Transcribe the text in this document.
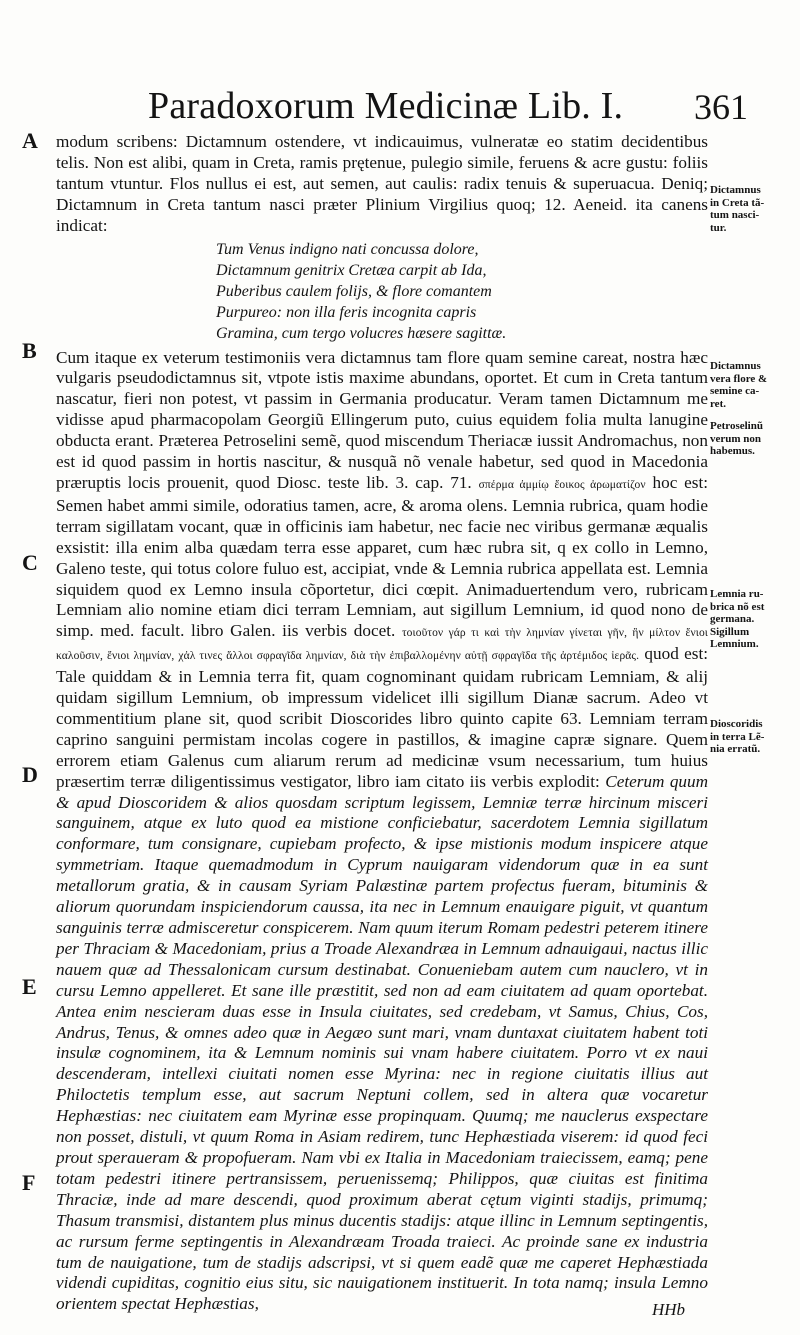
Paradoxorum Medicinæ Lib. I. 361
A
B
C
D
E
F

modum scribens: Dictamnum ostendere, vt indicauimus, vulneratæ eo statim decidentibus telis. Non est alibi, quam in Creta, ramis prętenue, pulegio simile, feruens & acre gustu: foliis tantum vtuntur. Flos nullus ei est, aut semen, aut caulis: radix tenuis & superuacua. Deniq; Dictamnum in Creta tantum nasci præter Plinium Virgilius quoq; 12. Aeneid. ita canens indicat:

Tum Venus indigno nati concussa dolore,
Dictamnum genitrix Cretæa carpit ab Ida,
Puberibus caulem folijs, & flore comantem
Purpureo: non illa feris incognita capris
Gramina, cum tergo volucres hæsere sagittæ.

Cum itaque ex veterum testimoniis vera dictamnus tam flore quam semine careat, nostra hæc vulgaris pseudodictamnus sit, vtpote istis maxime abundans, oportet. Et cum in Creta tantum nascatur, fieri non potest, vt passim in Germania producatur. Veram tamen Dictamnum me vidisse apud pharmacopolam Georgiũ Ellingerum puto, cuius equidem folia multa lanugine obducta erant. Præterea Petroselini semẽ, quod miscendum Theriacæ iussit Andromachus, non est id quod passim in hortis nascitur, & nusquã nõ venale habetur, sed quod in Macedonia præruptis locis prouenit, quod Diosc. teste lib. 3. cap. 71. σπέρμα ἀμμίῳ ἔοικος ἀρωματίζον hoc est: Semen habet ammi simile, odoratius tamen, acre, & aroma olens. Lemnia rubrica, quam hodie terram sigillatam vocant, quæ in officinis iam habetur, nec facie nec viribus germanæ æqualis exsistit: illa enim alba quædam terra esse apparet, cum hæc rubra sit, q ex collo in Lemno, Galeno teste, qui totus colore fuluo est, accipiat, vnde & Lemnia rubrica appellata est. Lemnia siquidem quod ex Lemno insula cõportetur, dici cœpit. Animaduertendum vero, rubricam Lemniam alio nomine etiam dici terram Lemniam, aut sigillum Lemnium, id quod nono de simp. med. facult. libro Galen. iis verbis docet. τοιοῦτον γάρ τι καὶ τὴν λημνίαν γίνεται γῆν, ἣν μίλτον ἔνιοι καλοῦσιν, ἔνιοι λημνίαν, χἀλ τινες ἄλλοι σφραγῖδα λημνίαν, διὰ τὴν ἐπιβαλλομένην αὐτῇ σφραγῖδα τῆς ἀρτέμιδος ἱερᾶς. quod est: Tale quiddam & in Lemnia terra fit, quam cognominant quidam rubricam Lemniam, & alij quidam sigillum Lemnium, ob impressum videlicet illi sigillum Dianæ sacrum. Adeo vt commentitium plane sit, quod scribit Dioscorides libro quinto capite 63. Lemniam terram caprino sanguini permistam incolas cogere in pastillos, & imagine capræ signare. Quem errorem etiam Galenus cum aliarum rerum ad medicinæ vsum necessarium, tum huius præsertim terræ diligentissimus vestigator, libro iam citato iis verbis explodit: Ceterum quum & apud Dioscoridem & alios quosdam scriptum legissem, Lemniæ terræ hircinum misceri sanguinem, atque ex luto quod ea mistione conficiebatur, sacerdotem Lemnia sigillatum conformare, tum consignare, cupiebam profecto, & ipse mistionis modum inspicere atque symmetriam. Itaque quemadmodum in Cyprum nauigaram videndorum quæ in ea sunt metallorum gratia, & in causam Syriam Palæstinæ partem profectus fueram, bituminis & aliorum quorundam inspiciendorum caussa, ita nec in Lemnum enauigare piguit, vt quantum sanguinis terræ admisceretur conspicerem. Nam quum iterum Romam pedestri peterem itinere per Thraciam & Macedoniam, prius a Troade Alexandræa in Lemnum adnauigaui, nactus illic nauem quæ ad Thessalonicam cursum destinabat. Conueniebam autem cum nauclero, vt in cursu Lemno appelleret. Et sane ille præstitit, sed non ad eam ciuitatem ad quam oportebat. Antea enim nescieram duas esse in Insula ciuitates, sed credebam, vt Samus, Chius, Cos, Andrus, Tenus, & omnes adeo quæ in Aegæo sunt mari, vnam duntaxat ciuitatem habent toti insulæ cognominem, ita & Lemnum nominis sui vnam habere ciuitatem. Porro vt ex naui descenderam, intellexi ciuitati nomen esse Myrina: nec in regione ciuitatis illius aut Philoctetis templum esse, aut sacrum Neptuni collem, sed in altera quæ vocaretur Hephæstias: nec ciuitatem eam Myrinæ esse propinquam. Quumq; me nauclerus exspectare non posset, distuli, vt quum Roma in Asiam redirem, tunc Hephæstiada viserem: id quod feci prout speraueram & propofueram. Nam vbi ex Italia in Macedoniam traiecissem, eamq; pene totam pedestri itinere pertransissem, peruenissemq; Philippos, quæ ciuitas est finitima Thraciæ, inde ad mare descendi, quod proximum aberat cętum viginti stadijs, primumq; Thasum transmisi, distantem plus minus ducentis stadijs: atque illinc in Lemnum septingentis, ac rursum ferme septingentis in Alexandræam Troada traieci. Ac proinde sane ex industria tum de nauigatione, tum de stadijs adscripsi, vt si quem eadẽ quæ me caperet Hephæstiada videndi cupiditas, cognitio eius situ, sic nauigationem instituerit. In tota namq; insula Lemno orientem spectat Hephæstias,

Dictamnus
in Creta tã-
tum nasci-
tur.
Dictamnus
vera flore &
semine ca-
ret.
Petroselinũ
verum non
habemus.
Lemnia ru-
brica nõ est
germana.
Sigillum
Lemnium.
Dioscoridis
in terra Lẽ-
nia erratũ.
HHb
